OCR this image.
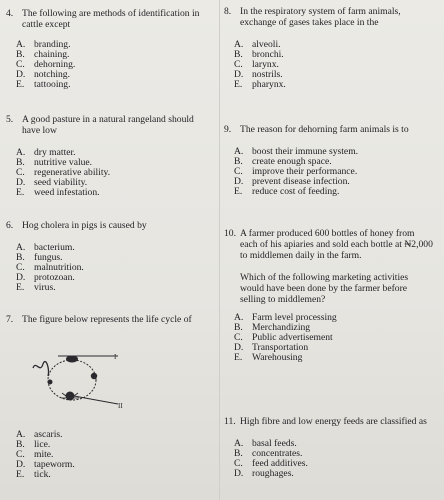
4. The following are methods of identification in cattle except
A. branding.
B. chaining.
C. dehorning.
D. notching.
E.	tattooing.
5. A good pasture in a natural rangeland should have low
A. dry matter.
B. nutritive value.
C. regenerative ability.
D. seed viability.
E.	weed infestation.
6. Hog cholera in pigs is caused by
A. bacterium.
B. fungus.
C. malnutrition.
D. protozoan.
E.	virus.
7. The figure below represents the life cycle of
I
II
A. ascaris.
B. lice.
C. mite.
D. tapeworm.
E.	tick.
8. In the respiratory system of farm animals, exchange of gases takes place in the
A. alveoli.
B. bronchi.
C. larynx.
D. nostrils.
E.	pharynx.
9. The reason for dehorning farm animals is to
A. boost their immune system.
B. create enough space.
C. improve their performance.
D. prevent disease infection.
E.	reduce cost of feeding.
10. A farmer produced 600 bottles of honey from each of his apiaries and sold each bottle at ₦2,000 to middlemen daily in the farm.
Which of the following marketing activities would have been done by the farmer before selling to middlemen?
A. Farm level processing
B. Merchandizing
C. Public advertisement
D. Transportation
E.	Warehousing
11. High fibre and low energy feeds are classified as
A. basal feeds.
B. concentrates.
C. feed additives.
D. roughages.
